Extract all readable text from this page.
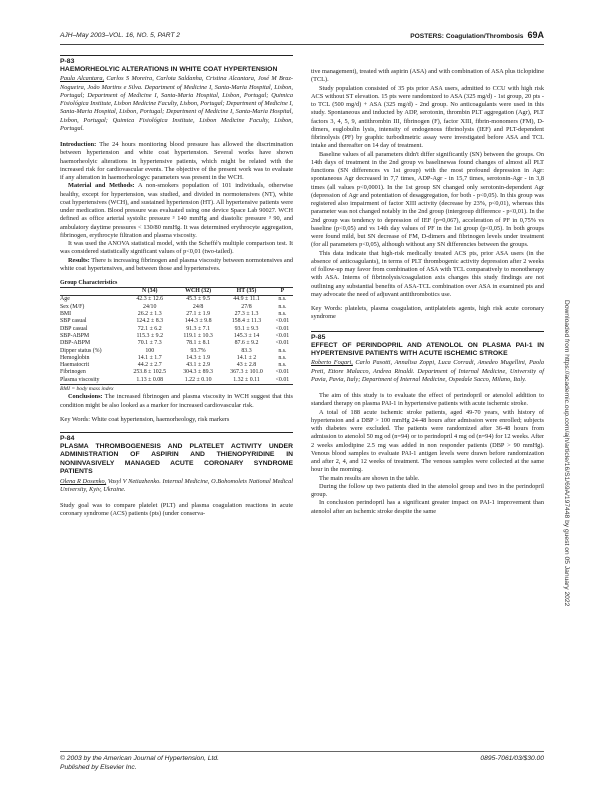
AJH–May 2003–VOL. 16, NO. 5, PART 2	POSTERS: Coagulation/Thrombosis 69A
P-83
HAEMORHEOLYIC ALTERATIONS IN WHITE COAT HYPERTENSION

Paula Alcantara, Carlos S Moreira, Carlota Saldanha, Cristina Alcantara, José M Braz-Nogueira, João Martins e Silva. Department of Medicine I, Santa-Maria Hospital, Lisbon, Portugal; Department of Medicine I, Santa-Maria Hospital, Lisbon, Portugal; Quimica Fisiológica Institute, Lisbon Medicine Faculty, Lisbon, Portugal; Department of Medicine I, Santa-Maria Hospital, Lisbon, Portugal; Department of Medicine I, Santa-Maria Hospital, Lisbon, Portugal; Quimica Fisiológica Institute, Lisbon Medicine Faculty, Lisbon, Portugal.

Introduction: The 24 hours monitoring blood pressure has allowed the discrimination between hypertension and white coat hypertension. Several works have shown haemorheolyic alterations in hypertensive patients, which might be related with the increased risk for cardiovascular events. The objective of the present work was to evaluate if any alteration in haemorheologyc parameters was present in the WCH.

Material and Methods: A non-smokers population of 101 individuals, otherwise healthy, except for hypertension, was studied, and divided in normotensives (NT), white coat hypertensives (WCH), and sustained hypertension (HT). All hypertensive patients were under medication. Blood pressure was evaluated using one device Space Lab 90027. WCH defined as office arterial systolic pressure ³ 140 mmHg and diastolic pressure ³ 90, and ambulatory daytime pressures < 130/80 mmHg. It was determined erythrocyte aggregation, fibrinogen, erythrocyte filtration and plasma viscosity.

It was used the ANOVA statistical model, with the Scheffé's multiple comparison test. It was considered statistically significant values of p<0,01 (two-tailed).

Results: There is increasing fibrinogen and plasma viscosity between normotensives and white coat hypertensives, and between those and hypertensives.

Group Characteristics
	N (34)	WCH (32)	HT (35)	P
Age	42.3 ± 12.6	45.3 ± 9.5	44.9 ± 11.1	n.s.
Sex (M/F)	24/10	24/8	27/8	n.s.
BMI	26.2 ± 1.3	27.1 ± 1.9	27.3 ± 1.3	n.s.
SBP casual	124.2 ± 8.3	144.3 ± 9.8	158.4 ± 11.3	<0.01
DBP casual	72.1 ± 6.2	91.3 ± 7.1	93.1 ± 9.3	<0.01
SBP-ABPM	115.3 ± 9.2	119.1 ± 10.3	145.3 ± 14	<0.01
DBP-ABPM	70.1 ± 7.3	78.1 ± 8.1	87.6 ± 9.2	<0.01
Dipper status (%)	100	93.7%	83.3	n.s.
Hemoglobin	14.1 ± 1.7	14.3 ± 1.9	14.1 ± 2	n.s.
Haematocrit	44.2 ± 2.7	43.1 ± 2.9	43 ± 2.8	n.s.
Fibrinogen	253.8 ± 102.5	304.3 ± 89.3	367.3 ± 101.0	<0.01
Plasma viscosity	1.13 ± 0.08	1.22 ± 0.10	1.32 ± 0.11	<0.01

BMI = body mass index

Conclusions: The increased fibrinogen and plasma viscosity in WCH suggest that this condition might be also looked as a marker for increased cardiovascular risk.

Key Words: White coat hypertension, haemorheology, risk markers

P-84
PLASMA THROMBOGENESIS AND PLATELET ACTIVITY UNDER ADMINISTRATION OF ASPIRIN AND THIENOPYRIDINE IN NONINVASIVELY MANAGED ACUTE CORONARY SYNDROME PATIENTS

Olena R Dosenko, Vasyl V Netiazhenko. Internal Medicine, O.Bohomolets National Medical University, Kyiv, Ukraine.

Study goal was to compare platelet (PLT) and plasma coagulation reactions in acute coronary syndrome (ACS) patients (pts) (under conserva-

tive management), treated with aspirin (ASA) and with combination of ASA plus ticlopidine (TCL).

Study population consisted of 35 pts prior ASA users, admitted to CCU with high risk ACS without ST elevation. 15 pts were randomized to ASA (325 mg/d) - 1st group, 20 pts - to TCL (500 mg/d) + ASA (325 mg/d) - 2nd group. No anticoagulants were used in this study. Spontaneous and inducted by ADP, serotonin, thrombin PLT aggregation (Agr), PLT factors 3, 4, 5, 9, antithrombin III, fibrinogen (F), factor XIII, fibrin-monomers (FM), D-dimers, euglobulin lysis, intensity of endogenous fibrinolysis (IEF) and PLT-dependent fibrinolysis (PF) by graphic turbodimetric assay were investigated before ASA and TCL intake and thereafter on 14 day of treatment.

Baseline values of all parameters didn't differ significantly (SN) between the groups. On 14th days of treatment in the 2nd group vs baselinewas found changes of almost all PLT functions (SN differences vs 1st group) with the most profound depression in Agr: spontaneous Agr decreased in 7,7 times, ADP-Agr - in 15,7 times, serotonin-Agr - in 3,8 times (all values p<0,0001). In the 1st group SN changed only serotonin-dependent Agr (depression of Agr and potentiation of desaggregation, for both - p<0,05). In this group was registered also impairment of factor XIII activity (decrease by 23%, p<0,01), whereas this parameter was not changed notably in the 2nd group (intergroup difference - p<0,01). In the 2nd group was tendency to depression of IEF (p=0,067), acceleration of PF in 0,75% vs baseline (p<0,05) and vs 14th day values of PF in the 1st group (p<0,05). In both groups were found mild, but SN decrease of FM, D-dimers and fibrinogen levels under treatment (for all parameters p<0,05), although without any SN differencies between the groups.

This data indicate that high-risk medically treated ACS pts, prior ASA users (in the absence of anticoagulants), in terms of PLT thrombogenic activity depression after 2 weeks of follow-up may favor from combination of ASA with TCL comparatively to monotherapy with ASA. Interns of fibrinolysis/coagulation axis changes this study findings are not outlining any substantial benefits of ASA-TCL combination over ASA in examined pts and may advocate the need of adjuvant antithrombotics use.

Key Words: platelets, plasma coagulation, antiplatelets agents, high risk acute coronary syndrome

P-85
EFFECT OF PERINDOPRIL AND ATENOLOL ON PLASMA PAI-1 IN HYPERTENSIVE PATIENTS WITH ACUTE ISCHEMIC STROKE

Roberto Fogari, Carlo Pasotti, Annalisa Zoppi, Luca Corradi, Amedeo Mugellini, Paola Preti, Ettore Malacco, Andrea Rinaldi. Department of Internal Medicine, University of Pavia, Pavia, Italy; Department of Internal Medicine, Ospedale Sacco, Milano, Italy.

The aim of this study is to evaluate the effect of perindopril or atenolol addition to standard therapy on plasma PAI-1 in hypertensive patients with acute ischemic stroke.

A total of 188 acute ischemic stroke patients, aged 49-70 years, with history of hypertension and a DBP > 100 mmHg 24-48 hours after admission were enrolled; subjects with diabetes were excluded. The patients were randomized after 36-48 hours from admission to atenolol 50 mg od (n=94) or to perindopril 4 mg od (n=94) for 12 weeks. After 2 weeks amlodipine 2.5 mg was added in non responder patients (DBP > 90 mmHg). Venous blood samples to evaluate PAI-1 antigen levels were drawn before randomization and after 2, 4, and 12 weeks of treatment. The venous samples were collected at the same hour in the morning.

The main results are shown in the table.

During the follow up two patients died in the atenolol group and two in the perindopril group.

In conclusion perindopril has a significant greater impact on PAI-1 improvement than atenolol after an ischemic stroke despite the same	Downloaded from https://academic.oup.com/ajh/article/16/S1/69A/197448 by guest on 05 January 2022
© 2003 by the American Journal of Hypertension, Ltd.
Published by Elsevier Inc.
0895-7061/03/$30.00
